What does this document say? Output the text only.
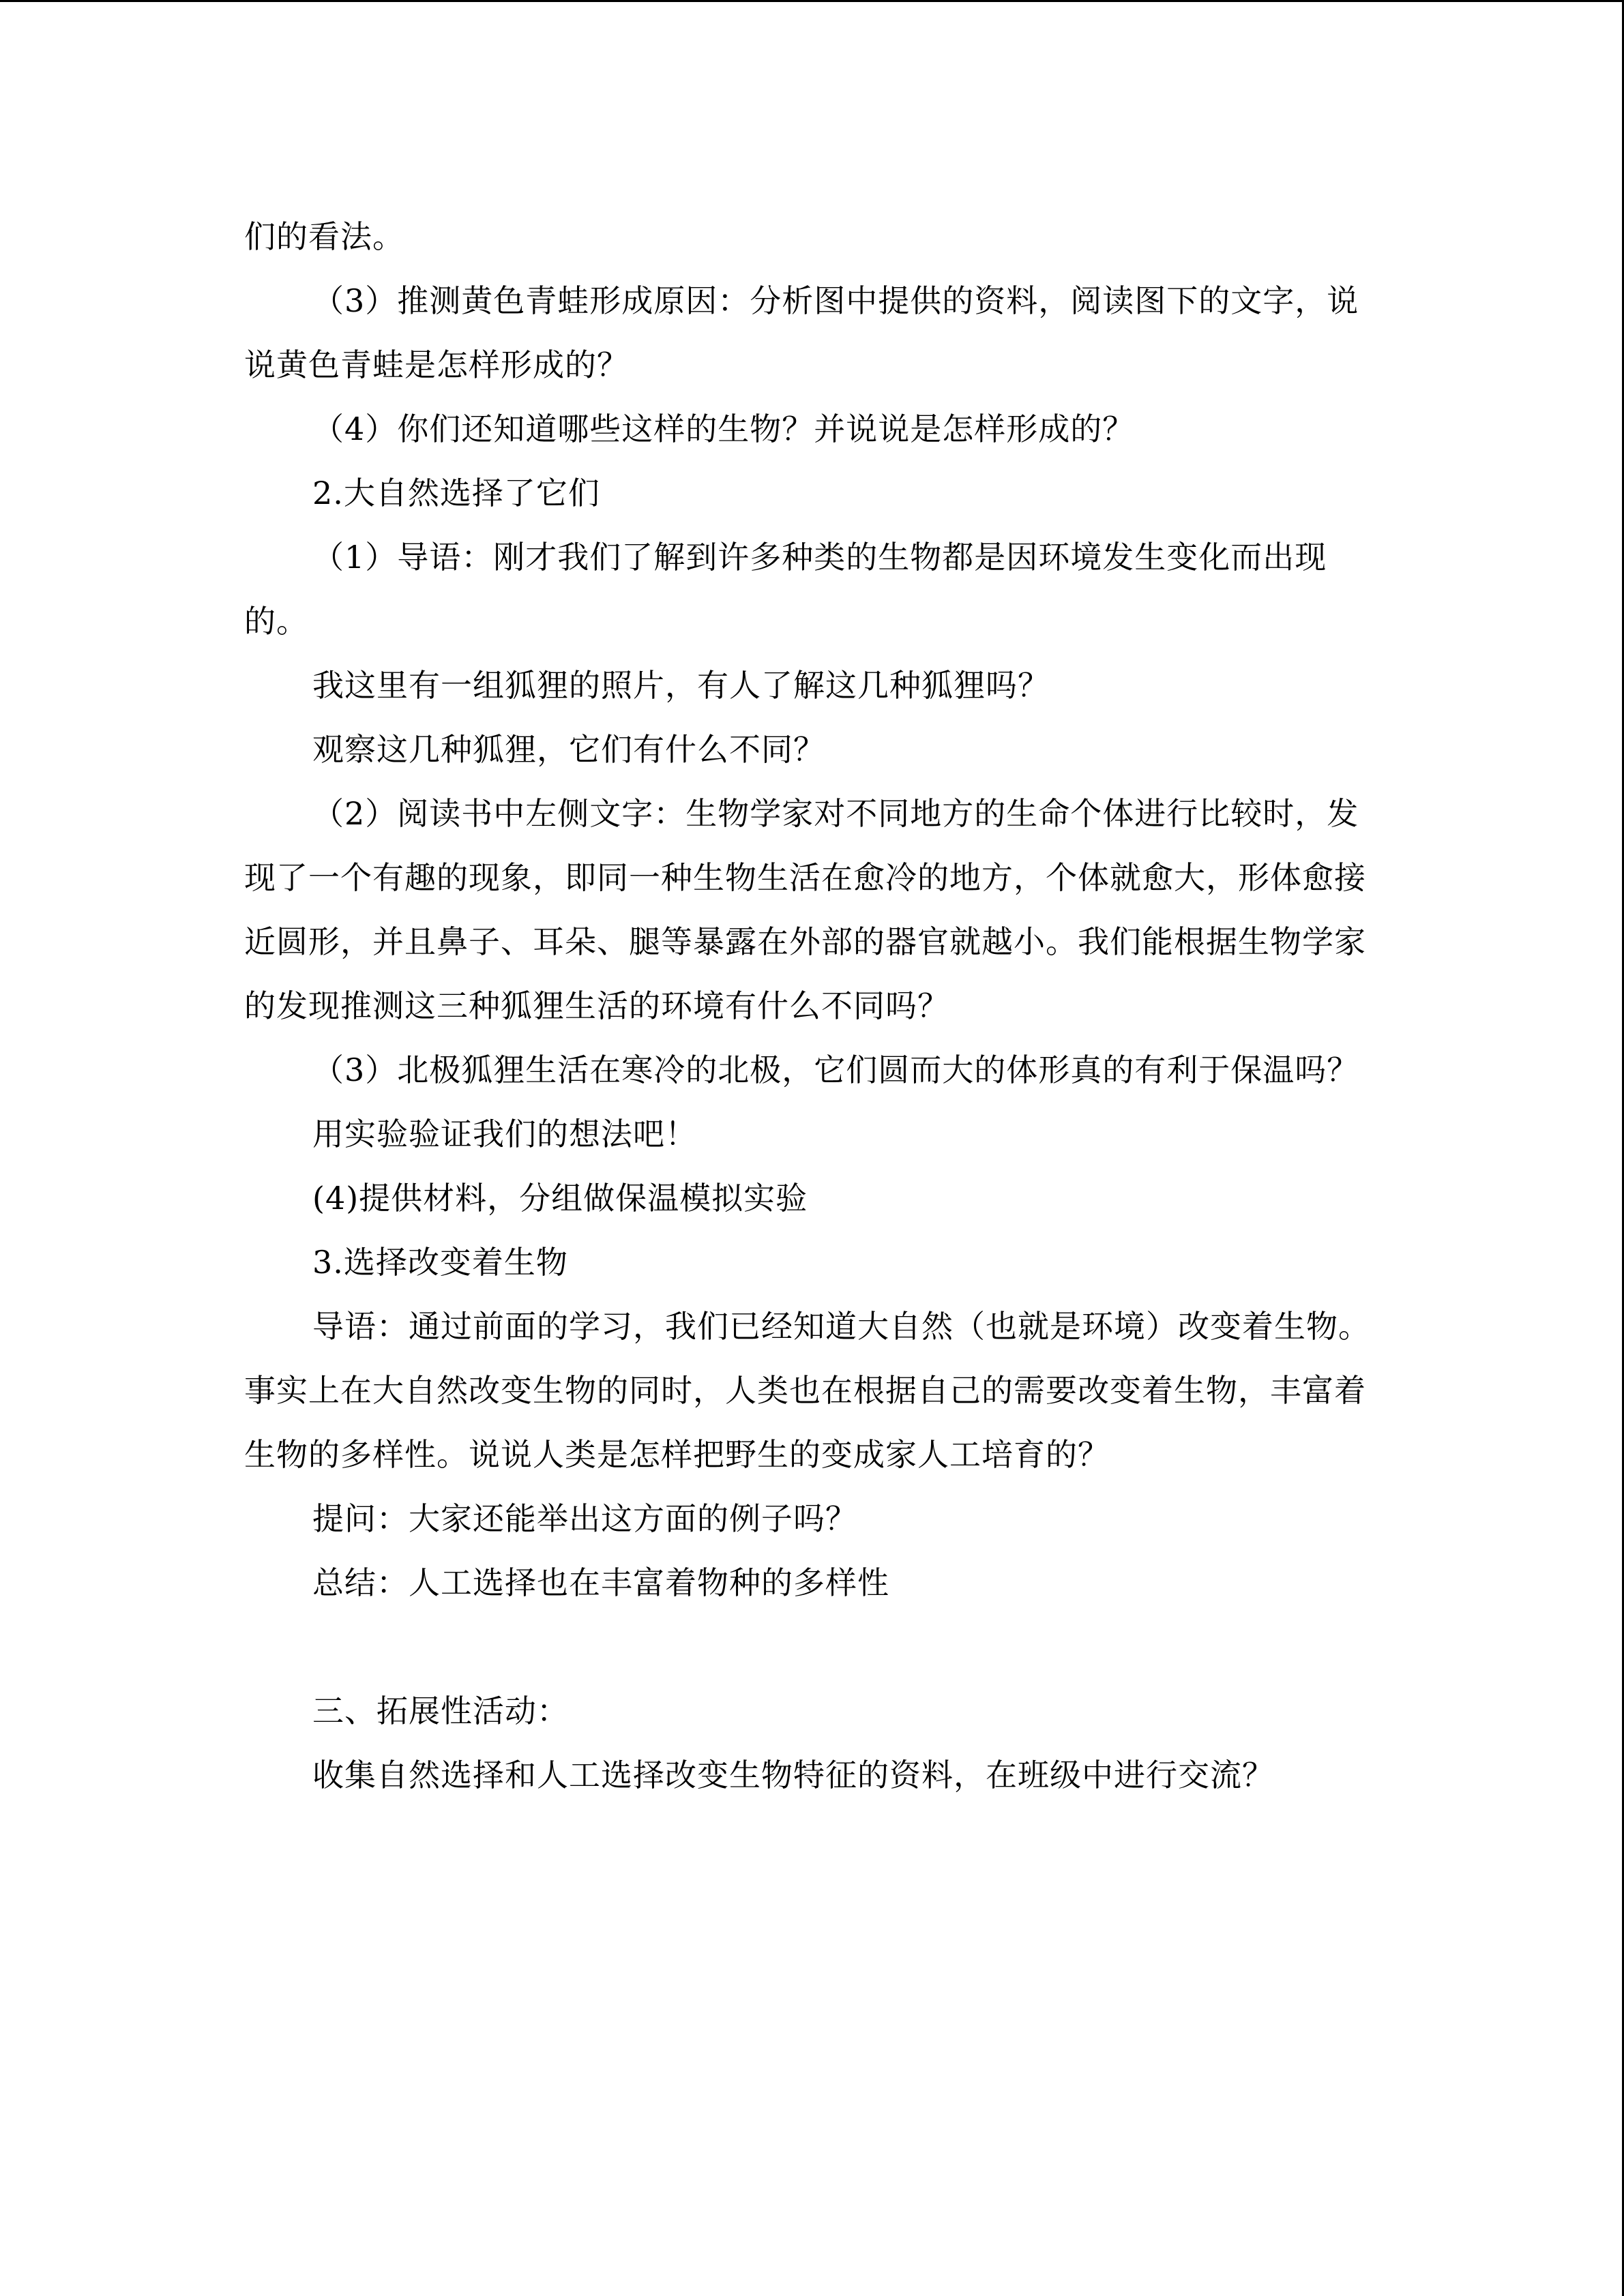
们的看法。

（3）推测黄色青蛙形成原因：分析图中提供的资料，阅读图下的文字，说说黄色青蛙是怎样形成的？

（4）你们还知道哪些这样的生物？并说说是怎样形成的？

2.大自然选择了它们

（1）导语：刚才我们了解到许多种类的生物都是因环境发生变化而出现的。

我这里有一组狐狸的照片，有人了解这几种狐狸吗？

观察这几种狐狸，它们有什么不同？

（2）阅读书中左侧文字：生物学家对不同地方的生命个体进行比较时，发现了一个有趣的现象，即同一种生物生活在愈冷的地方，个体就愈大，形体愈接近圆形，并且鼻子、耳朵、腿等暴露在外部的器官就越小。我们能根据生物学家的发现推测这三种狐狸生活的环境有什么不同吗？

（3）北极狐狸生活在寒冷的北极，它们圆而大的体形真的有利于保温吗？

用实验验证我们的想法吧！

(4)提供材料，分组做保温模拟实验

3.选择改变着生物

导语：通过前面的学习，我们已经知道大自然（也就是环境）改变着生物。事实上在大自然改变生物的同时，人类也在根据自己的需要改变着生物，丰富着生物的多样性。说说人类是怎样把野生的变成家人工培育的？

提问：大家还能举出这方面的例子吗？

总结：人工选择也在丰富着物种的多样性

三、拓展性活动：

收集自然选择和人工选择改变生物特征的资料，在班级中进行交流？
